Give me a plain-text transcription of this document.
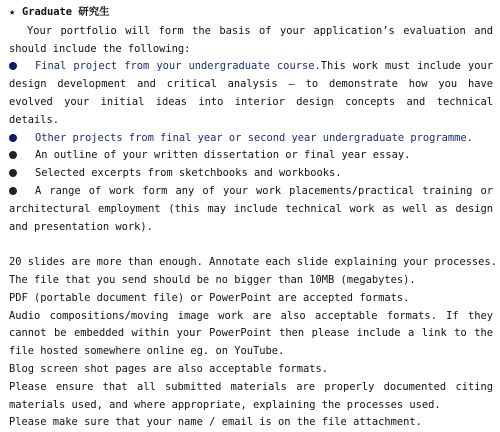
★ Graduate 研究生
Your portfolio will form the basis of your application’s evaluation and should include the following:
Final project from your undergraduate course.This work must include your design development and critical analysis – to demonstrate how you have evolved your initial ideas into interior design concepts and technical details.
Other projects from final year or second year undergraduate programme.
An outline of your written dissertation or final year essay.
Selected excerpts from sketchbooks and workbooks.
A range of work form any of your work placements/practical training or architectural employment (this may include technical work as well as design and presentation work).
20 slides are more than enough. Annotate each slide explaining your processes.
The file that you send should be no bigger than 10MB (megabytes).
PDF (portable document file) or PowerPoint are accepted formats.
Audio compositions/moving image work are also acceptable formats. If they cannot be embedded within your PowerPoint then please include a link to the file hosted somewhere online eg. on YouTube.
Blog screen shot pages are also acceptable formats.
Please ensure that all submitted materials are properly documented citing materials used, and where appropriate, explaining the processes used.
Please make sure that your name / email is on the file attachment.
